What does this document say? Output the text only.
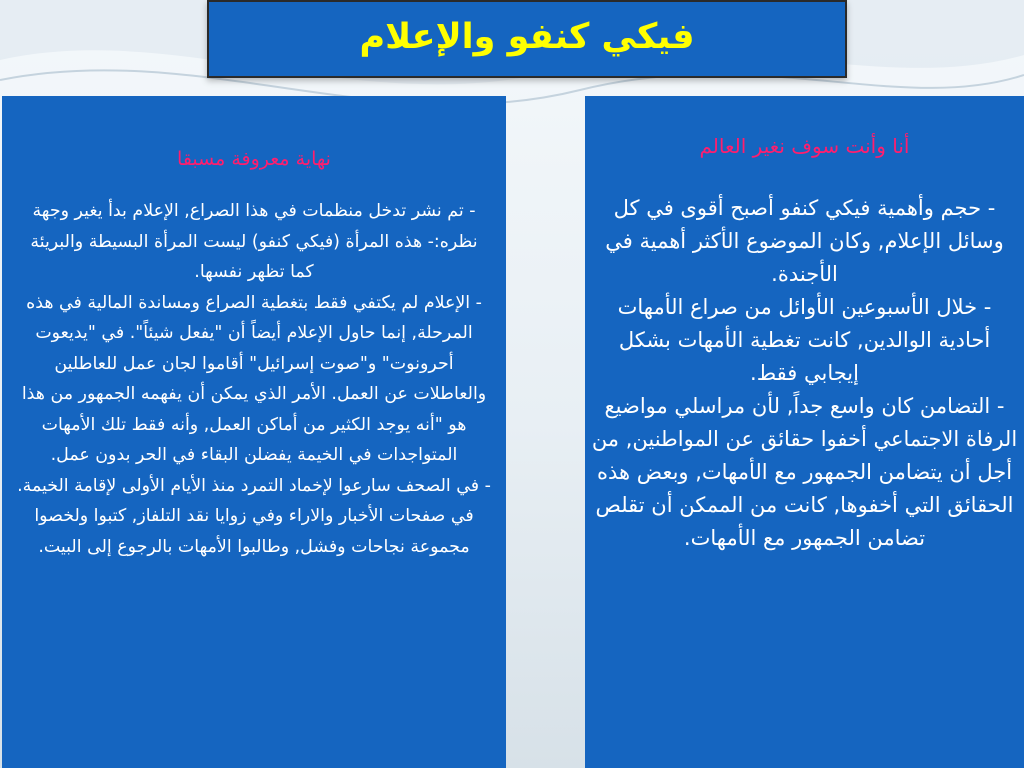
فيكي كنفو والإعلام
نهاية معروفة مسبقا

- تم نشر تدخل منظمات في هذا الصراع, الإعلام بدأ يغير وجهة نظره:- هذه المرأة (فيكي كنفو) ليست المرأة البسيطة والبريئة كما تظهر نفسها.

- الإعلام لم يكتفي فقط بتغطية الصراع ومساندة المالية في هذه المرحلة, إنما حاول الإعلام أيضاً أن "يفعل شيئاً". في "يديعوت أحرونوت" و"صوت إسرائيل" أقاموا لجان عمل للعاطلين والعاطلات عن العمل. الأمر الذي يمكن أن يفهمه الجمهور من هذا هو "أنه يوجد الكثير من أماكن العمل, وأنه فقط تلك الأمهات المتواجدات في الخيمة يفضلن البقاء في الحر بدون عمل.

- في الصحف سارعوا لإخماد التمرد منذ الأيام الأولى لإقامة الخيمة. في صفحات الأخبار والاراء وفي زوايا نقد التلفاز, كتبوا ولخصوا مجموعة نجاحات وفشل, وطالبوا الأمهات بالرجوع إلى البيت.

أنا وأنت سوف نغير العالم

- حجم وأهمية فيكي كنفو أصبح أقوى في كل وسائل الإعلام, وكان الموضوع الأكثر أهمية في الأجندة.

- خلال الأسبوعين الأوائل من صراع الأمهات أحادية الوالدين, كانت تغطية الأمهات بشكل إيجابي فقط.

- التضامن كان واسع جداً, لأن مراسلي مواضيع الرفاة الاجتماعي أخفوا حقائق عن المواطنين, من أجل أن يتضامن الجمهور مع الأمهات, وبعض هذه الحقائق التي أخفوها, كانت من الممكن أن تقلص تضامن الجمهور مع الأمهات.
